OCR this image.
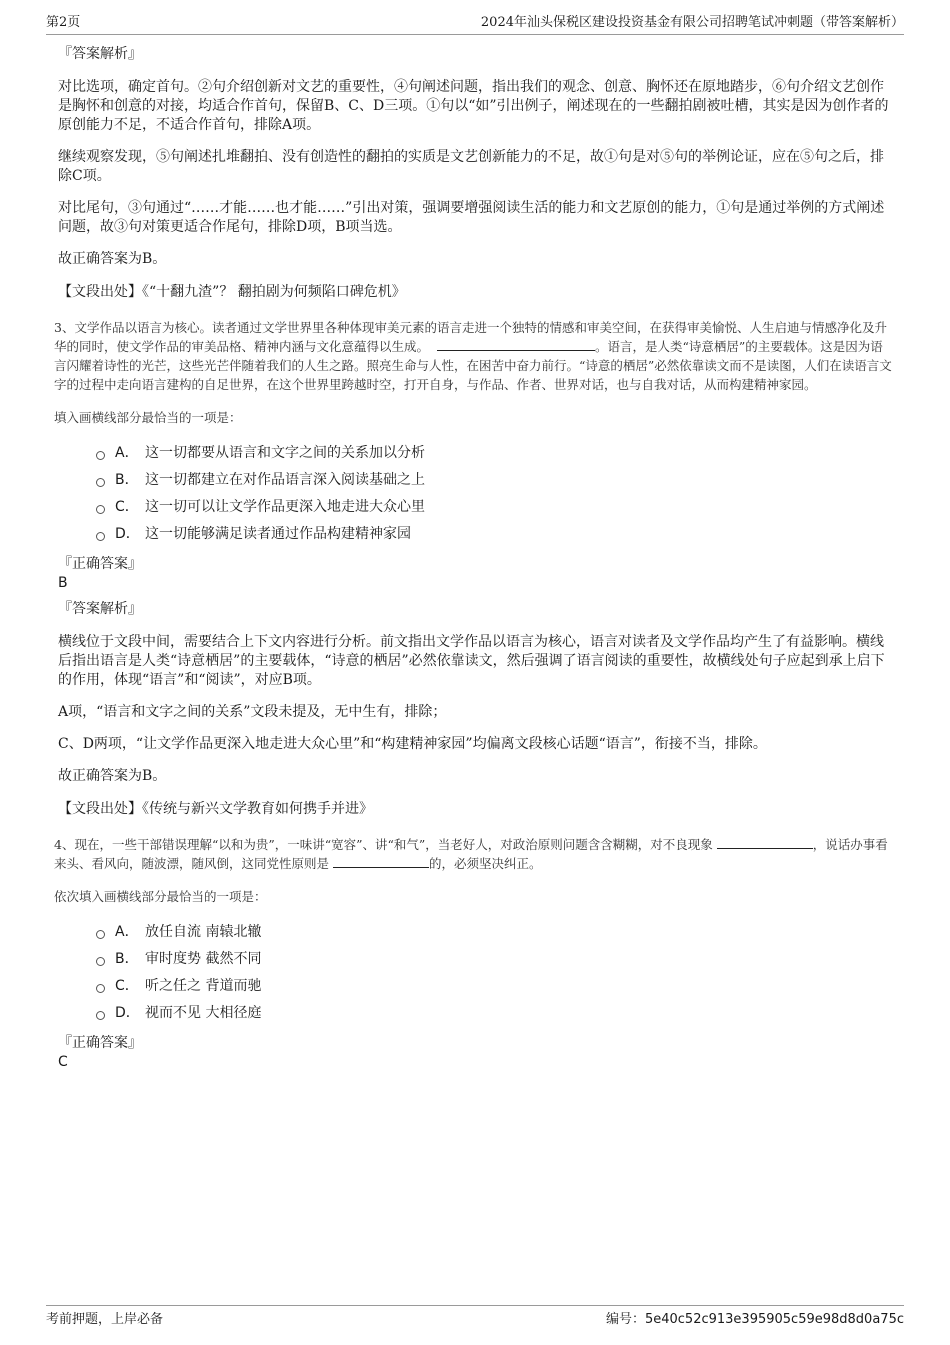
第2页	2024年汕头保税区建设投资基金有限公司招聘笔试冲刺题（带答案解析）
『答案解析』

对比选项，确定首句。②句介绍创新对文艺的重要性，④句阐述问题，指出我们的观念、创意、胸怀还在原地踏步，⑥句介绍文艺创作是胸怀和创意的对接，均适合作首句，保留B、C、D三项。①句以“如”引出例子，阐述现在的一些翻拍剧被吐槽，其实是因为创作者的原创能力不足，不适合作首句，排除A项。

继续观察发现，⑤句阐述扎堆翻拍、没有创造性的翻拍的实质是文艺创新能力的不足，故①句是对⑤句的举例论证，应在⑤句之后，排除C项。

对比尾句，③句通过“……才能……也才能……”引出对策，强调要增强阅读生活的能力和文艺原创的能力，①句是通过举例的方式阐述问题，故③句对策更适合作尾句，排除D项，B项当选。

故正确答案为B。

【文段出处】《“十翻九渣”？ 翻拍剧为何频陷口碑危机》

3、文学作品以语言为核心。读者通过文学世界里各种体现审美元素的语言走进一个独特的情感和审美空间，在获得审美愉悦、人生启迪与情感净化及升华的同时，使文学作品的审美品格、精神内涵与文化意蕴得以生成。	。语言，是人类“诗意栖居”的主要载体。这是因为语言闪耀着诗性的光芒，这些光芒伴随着我们的人生之路。照亮生命与人性，在困苦中奋力前行。“诗意的栖居”必然依靠读文而不是读图，人们在读语言文字的过程中走向语言建构的自足世界，在这个世界里跨越时空，打开自身，与作品、作者、世界对话，也与自我对话，从而构建精神家园。

填入画横线部分最恰当的一项是：

A． 这一切都要从语言和文字之间的关系加以分析
B． 这一切都建立在对作品语言深入阅读基础之上
C． 这一切可以让文学作品更深入地走进大众心里
D． 这一切能够满足读者通过作品构建精神家园
『正确答案』
B
『答案解析』

横线位于文段中间，需要结合上下文内容进行分析。前文指出文学作品以语言为核心，语言对读者及文学作品均产生了有益影响。横线后指出语言是人类“诗意栖居”的主要载体，“诗意的栖居”必然依靠读文，然后强调了语言阅读的重要性，故横线处句子应起到承上启下的作用，体现“语言”和“阅读”，对应B项。

A项，“语言和文字之间的关系”文段未提及，无中生有，排除；

C、D两项，“让文学作品更深入地走进大众心里”和“构建精神家园”均偏离文段核心话题“语言”，衔接不当，排除。

故正确答案为B。

【文段出处】《传统与新兴文学教育如何携手并进》

4、现在，一些干部错误理解“以和为贵”，一味讲“宽容”、讲“和气”，当老好人，对政治原则问题含含糊糊，对不良现象	，说话办事看来头、看风向，随波漂，随风倒，这同党性原则是	的，必须坚决纠正。

依次填入画横线部分最恰当的一项是：

A． 放任自流 南辕北辙
B． 审时度势 截然不同
C． 听之任之 背道而驰
D． 视而不见 大相径庭
『正确答案』
C
考前押题，上岸必备	编号：5e40c52c913e395905c59e98d8d0a75c
